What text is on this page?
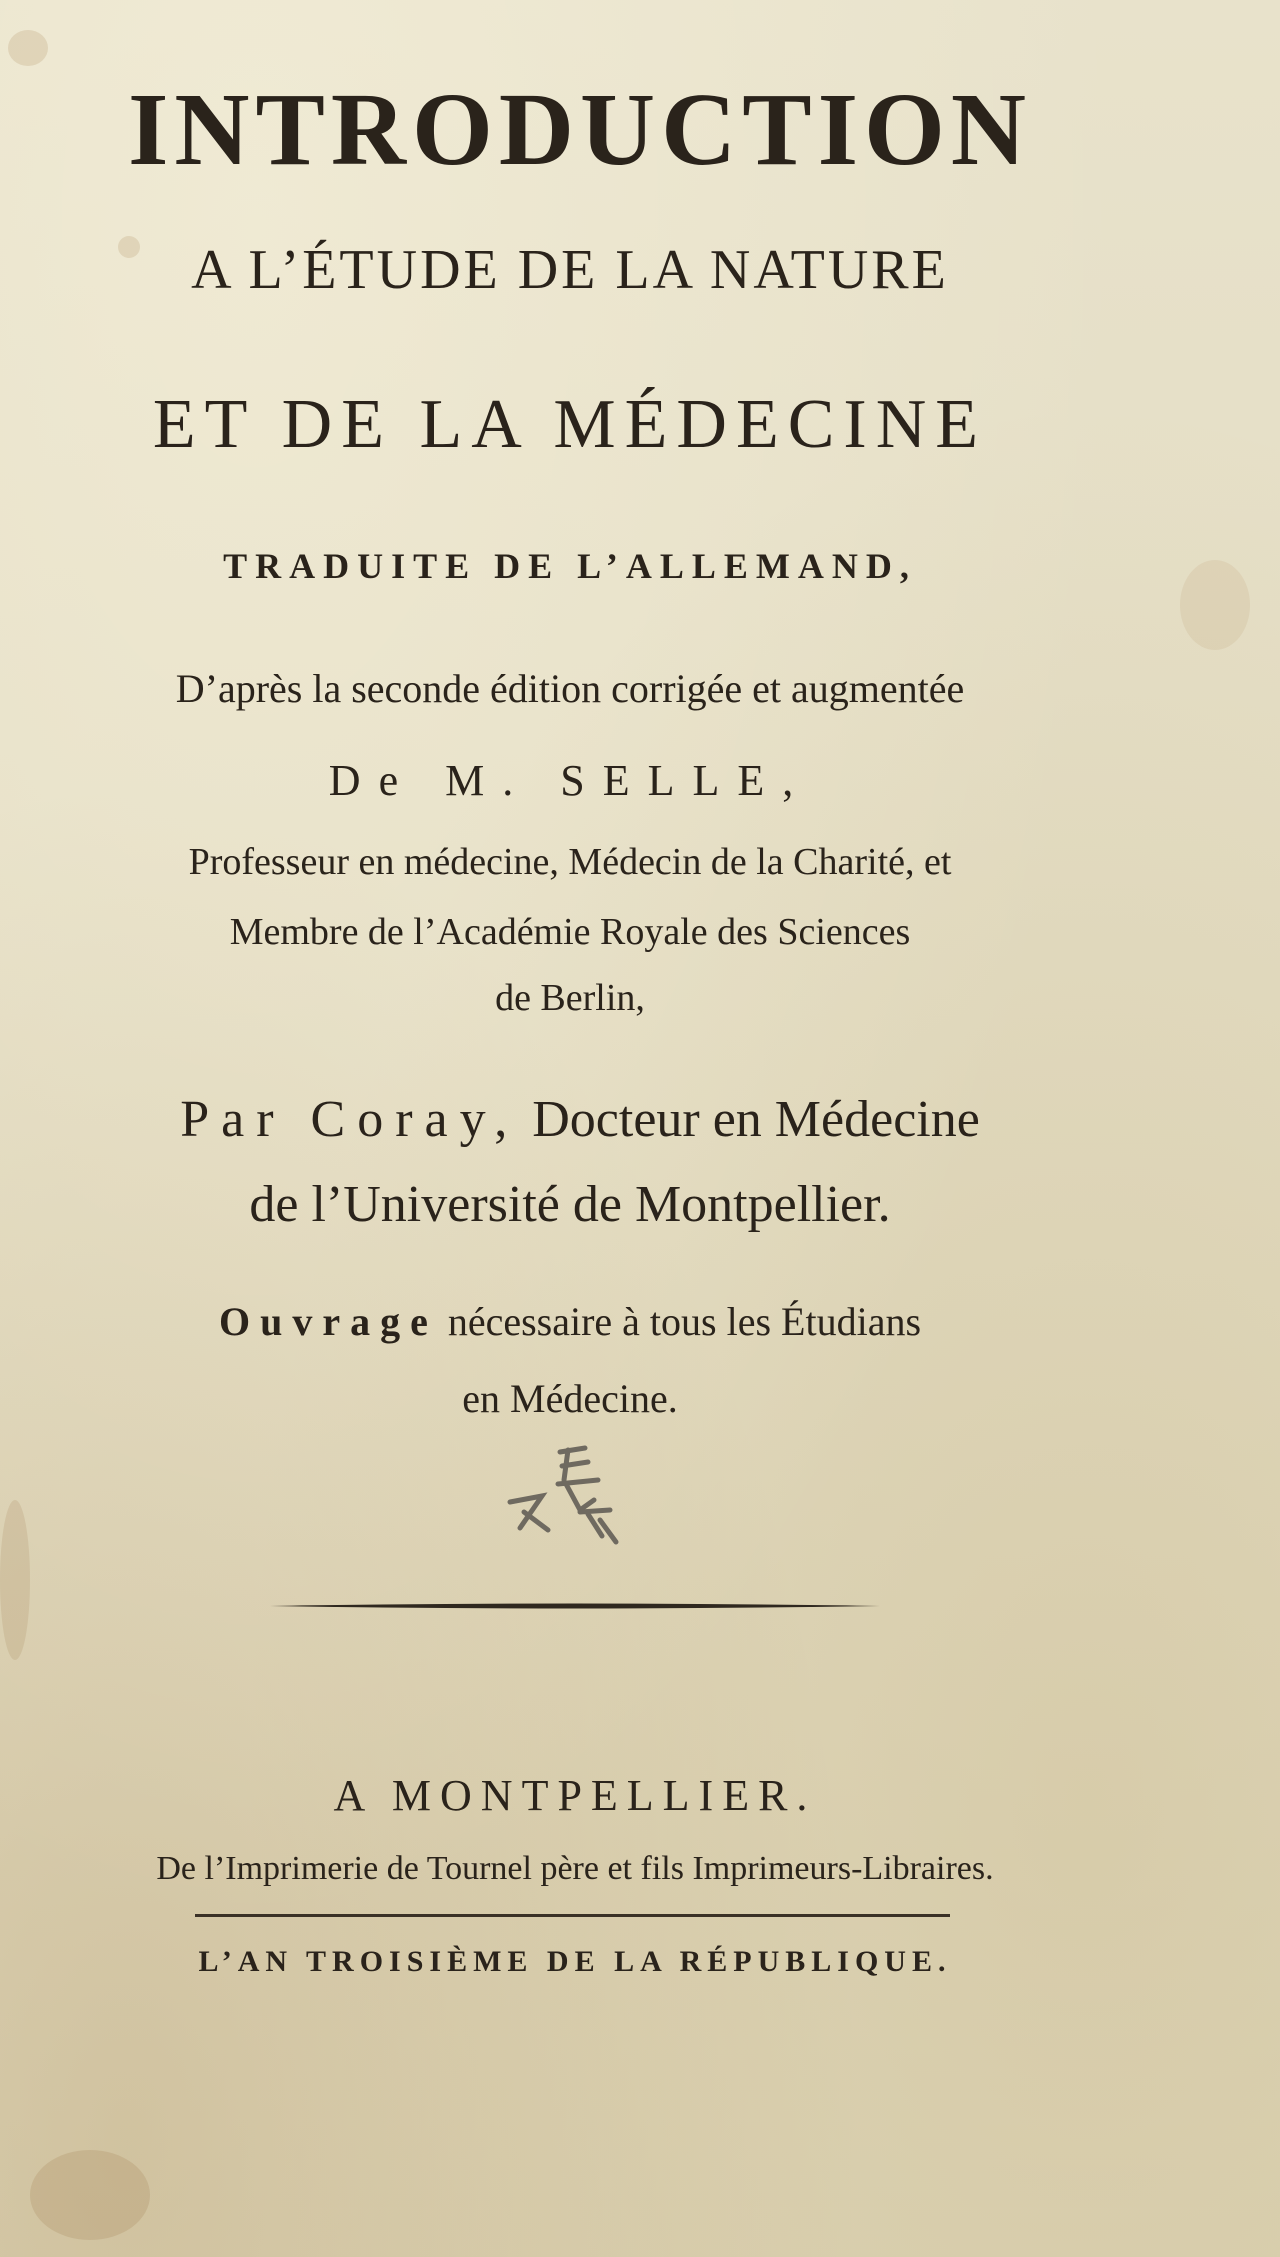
INTRODUCTION
A L’ÉTUDE DE LA NATURE
ET DE LA MÉDECINE
TRADUITE DE L’ALLEMAND,
D’après la seconde édition corrigée et augmentée
De M. SELLE,
Professeur en médecine, Médecin de la Charité, et
Membre de l’Académie Royale des Sciences
de Berlin,
Par Coray, Docteur en Médecine
de l’Université de Montpellier.
Ouvrage nécessaire à tous les Étudians
en Médecine.
A MONTPELLIER.
De l’Imprimerie de Tournel père et fils Imprimeurs-Libraires.
L’AN TROISIÈME DE LA RÉPUBLIQUE.
